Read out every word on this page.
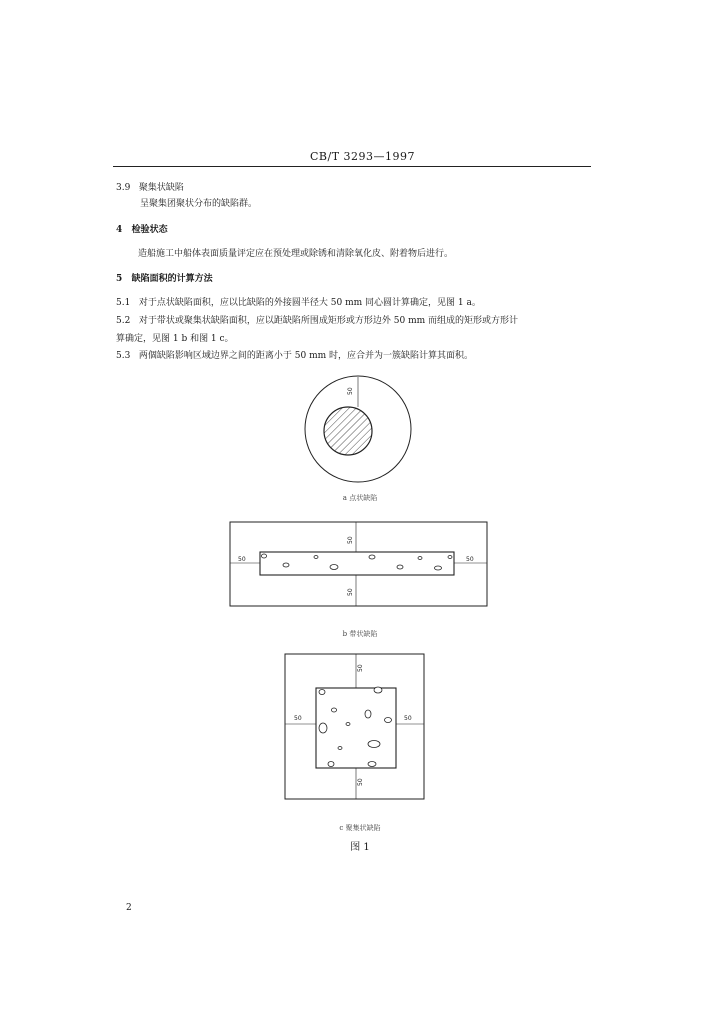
CB/T 3293—1997
3.9 聚集状缺陷
呈聚集团聚状分布的缺陷群。
4 检验状态
造船施工中船体表面质量评定应在预处理或除锈和清除氧化皮、附着物后进行。
5 缺陷面积的计算方法
5.1 对于点状缺陷面积，应以比缺陷的外接圆半径大 50 mm 同心圆计算确定，见图 1 a。
5.2 对于带状或聚集状缺陷面积，应以距缺陷所围成矩形或方形边外 50 mm 而组成的矩形或方形计
算确定，见图 1 b 和图 1 c。
5.3 两個缺陷影响区域边界之间的距离小于 50 mm 时，应合并为一簇缺陷计算其面积。
50
a 点状缺陷
50
50
50	50
b 带状缺陷
50
50
50	50
c 聚集状缺陷
图 1
2
